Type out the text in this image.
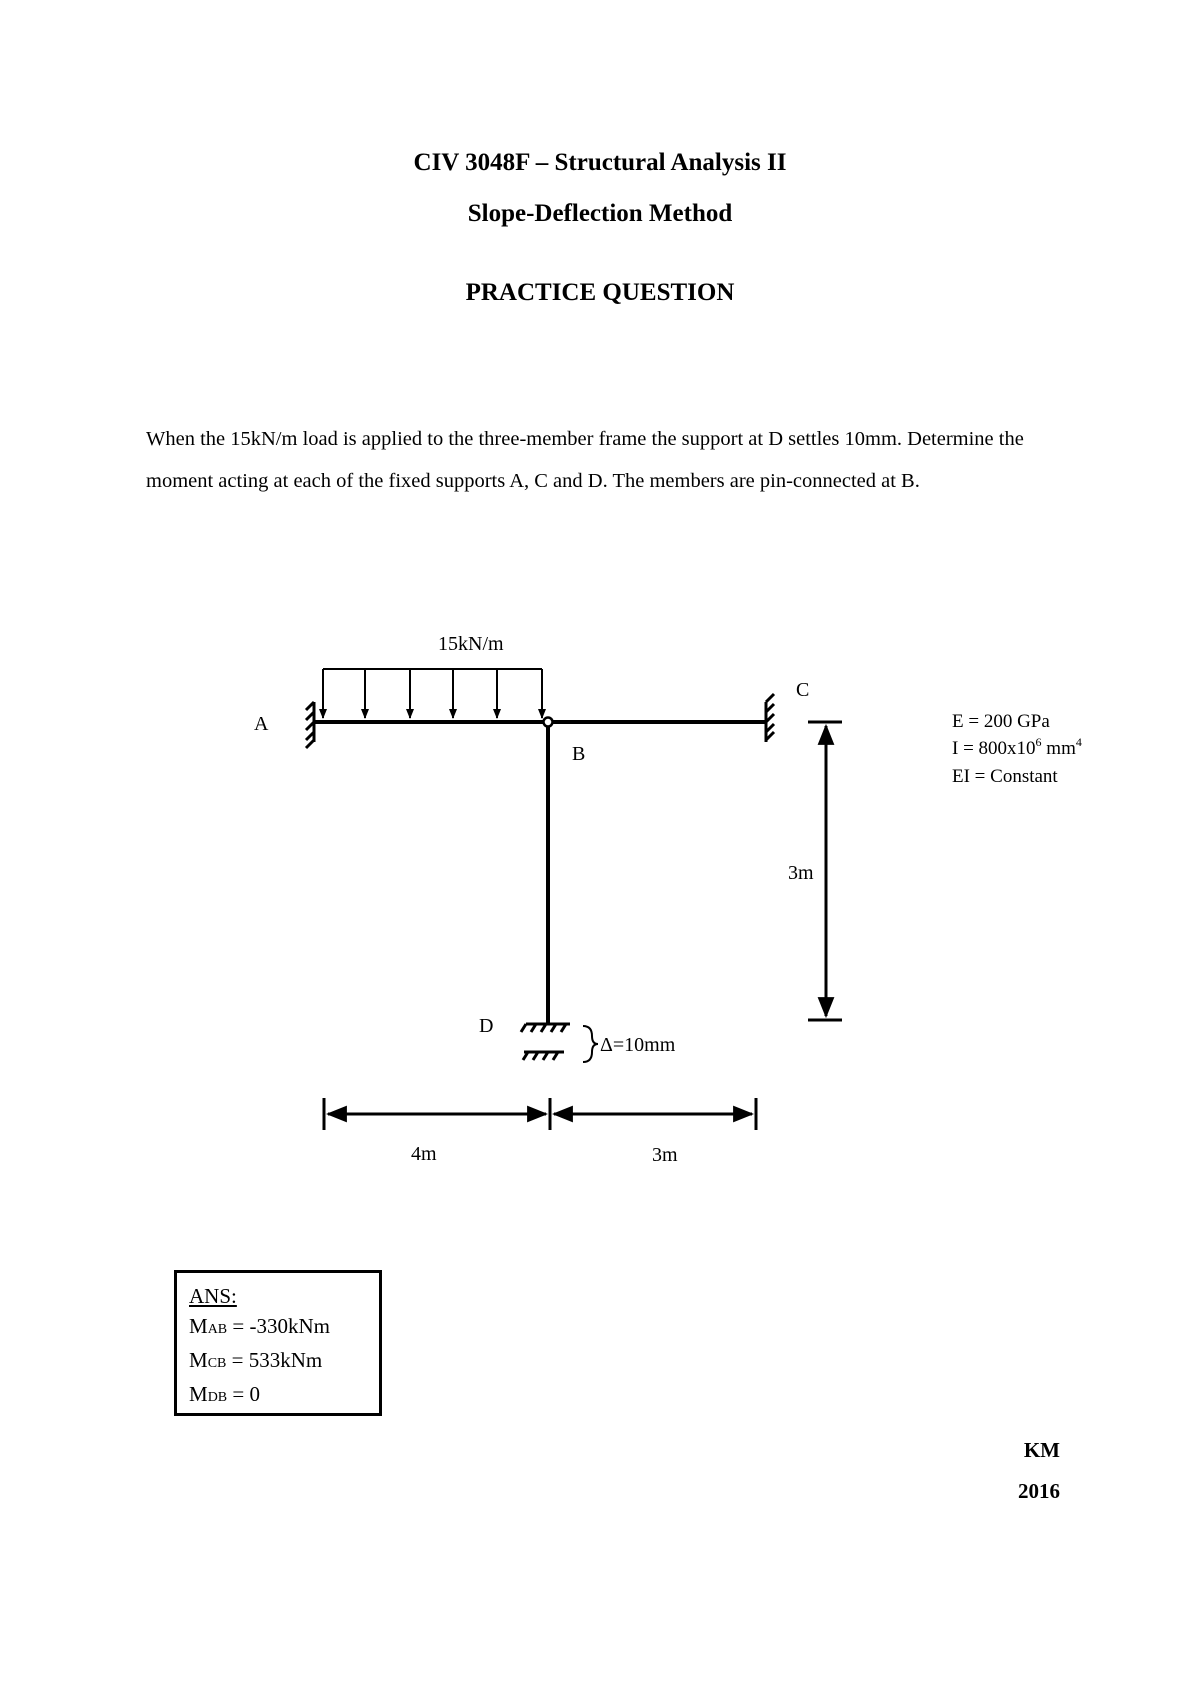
CIV 3048F – Structural Analysis II
Slope-Deflection Method
PRACTICE QUESTION

When the 15kN/m load is applied to the three-member frame the support at D settles 10mm. Determine the moment acting at each of the fixed supports A, C and D. The members are pin-connected at B.

15kN/m
Δ=10mm
A
B
C
D
3m
4m	3m
E = 200 GPa
$I = 800x10^6$ $mm^4$
EI = Constant
ANS:
MAB = -330kNm
MCB = 533kNm
MDB = 0
KM
2016
